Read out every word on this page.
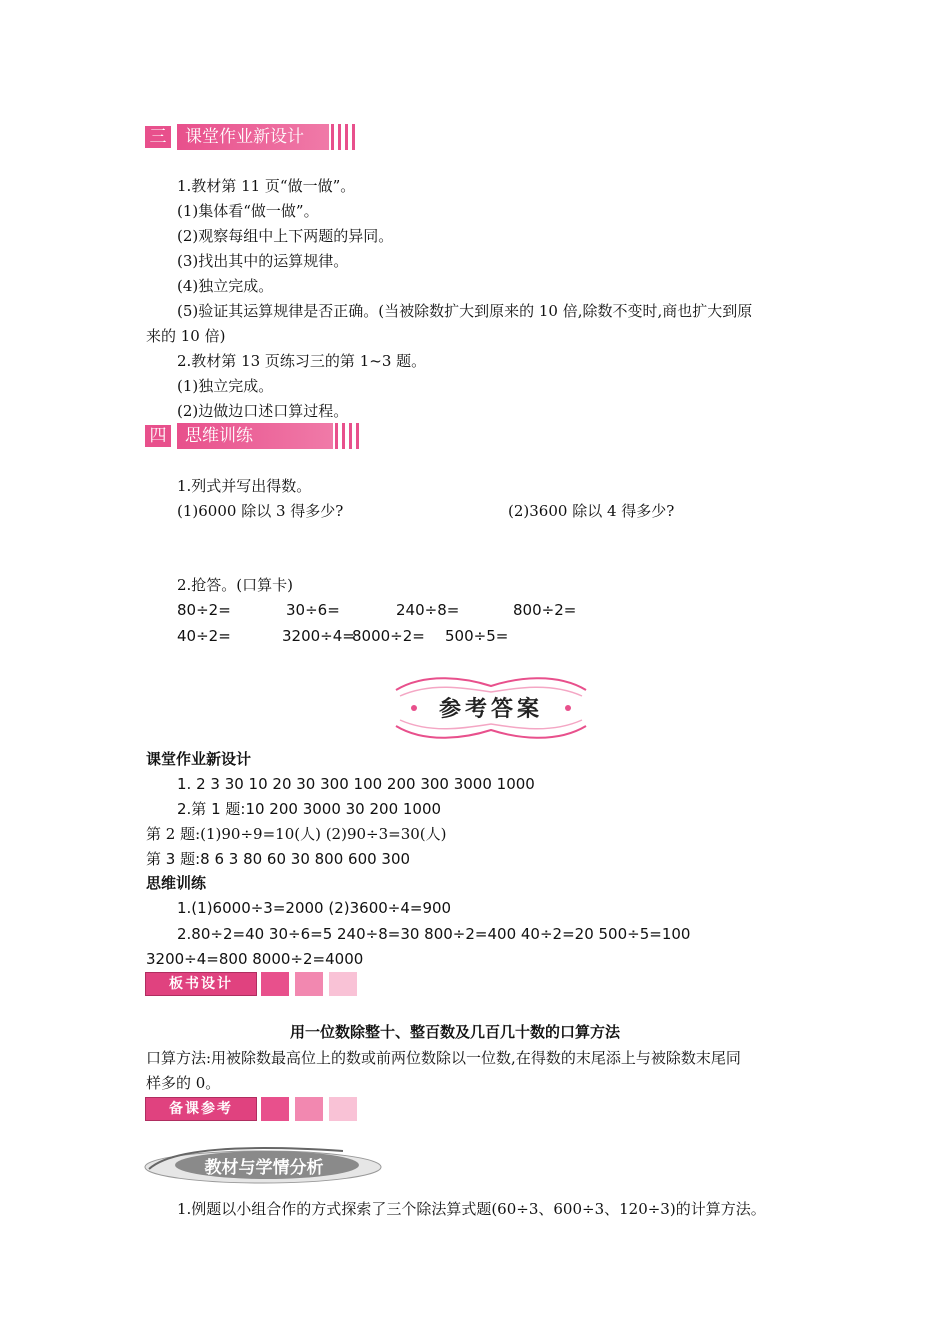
三	课堂作业新设计
1.教材第 11 页“做一做”。
(1)集体看“做一做”。
(2)观察每组中上下两题的异同。
(3)找出其中的运算规律。
(4)独立完成。
(5)验证其运算规律是否正确。(当被除数扩大到原来的 10 倍,除数不变时,商也扩大到原
来的 10 倍)
2.教材第 13 页练习三的第 1~3 题。
(1)独立完成。
(2)边做边口述口算过程。
四	思维训练
1.列式并写出得数。
(1)6000 除以 3 得多少?	(2)3600 除以 4 得多少?
2.抢答。(口算卡)
80÷2=	30÷6=	240÷8=	800÷2=
40÷2=	3200÷4=
8000÷2= 500÷5=
参考答案
课堂作业新设计
1. 2 3 30 10 20 30 300 100 200 300 3000 1000
2.第 1 题:10 200 3000 30 200 1000
第 2 题:(1)90÷9=10(人) (2)90÷3=30(人)
第 3 题:8 6 3 80 60 30 800 600 300
思维训练
1.(1)6000÷3=2000 (2)3600÷4=900
2.80÷2=40 30÷6=5 240÷8=30 800÷2=400 40÷2=20 500÷5=100
3200÷4=800 8000÷2=4000
板书设计
用一位数除整十、整百数及几百几十数的口算方法
口算方法:用被除数最高位上的数或前两位数除以一位数,在得数的末尾添上与被除数末尾同
样多的 0。
备课参考
教材与学情分析
1.例题以小组合作的方式探索了三个除法算式题(60÷3、600÷3、120÷3)的计算方法。
